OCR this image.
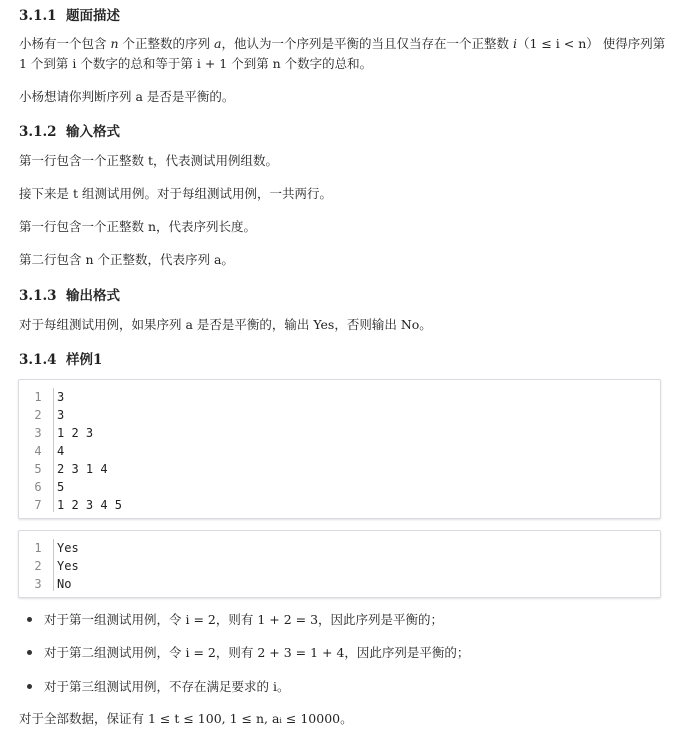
3.1.1 题面描述
小杨有一个包含 n 个正整数的序列 a，他认为一个序列是平衡的当且仅当存在一个正整数 i（1 ≤ i < n） 使得序列第
1 个到第 i 个数字的总和等于第 i + 1 个到第 n 个数字的总和。
小杨想请你判断序列 a 是否是平衡的。
3.1.2 输入格式
第一行包含一个正整数 t，代表测试用例组数。
接下来是 t 组测试用例。对于每组测试用例，一共两行。
第一行包含一个正整数 n，代表序列长度。
第二行包含 n 个正整数，代表序列 a。
3.1.3 输出格式
对于每组测试用例，如果序列 a 是否是平衡的，输出 Yes，否则输出 No。
3.1.4 样例1
1 3
2 3
3 1 2 3
4 4
5 2 3 1 4
6 5
7 1 2 3 4 5
1 Yes
2 Yes
3 No
对于第一组测试用例，令 i = 2，则有 1 + 2 = 3，因此序列是平衡的；
对于第二组测试用例，令 i = 2，则有 2 + 3 = 1 + 4，因此序列是平衡的；
对于第三组测试用例，不存在满足要求的 i。
对于全部数据，保证有 1 ≤ t ≤ 100, 1 ≤ n, aᵢ ≤ 10000。
